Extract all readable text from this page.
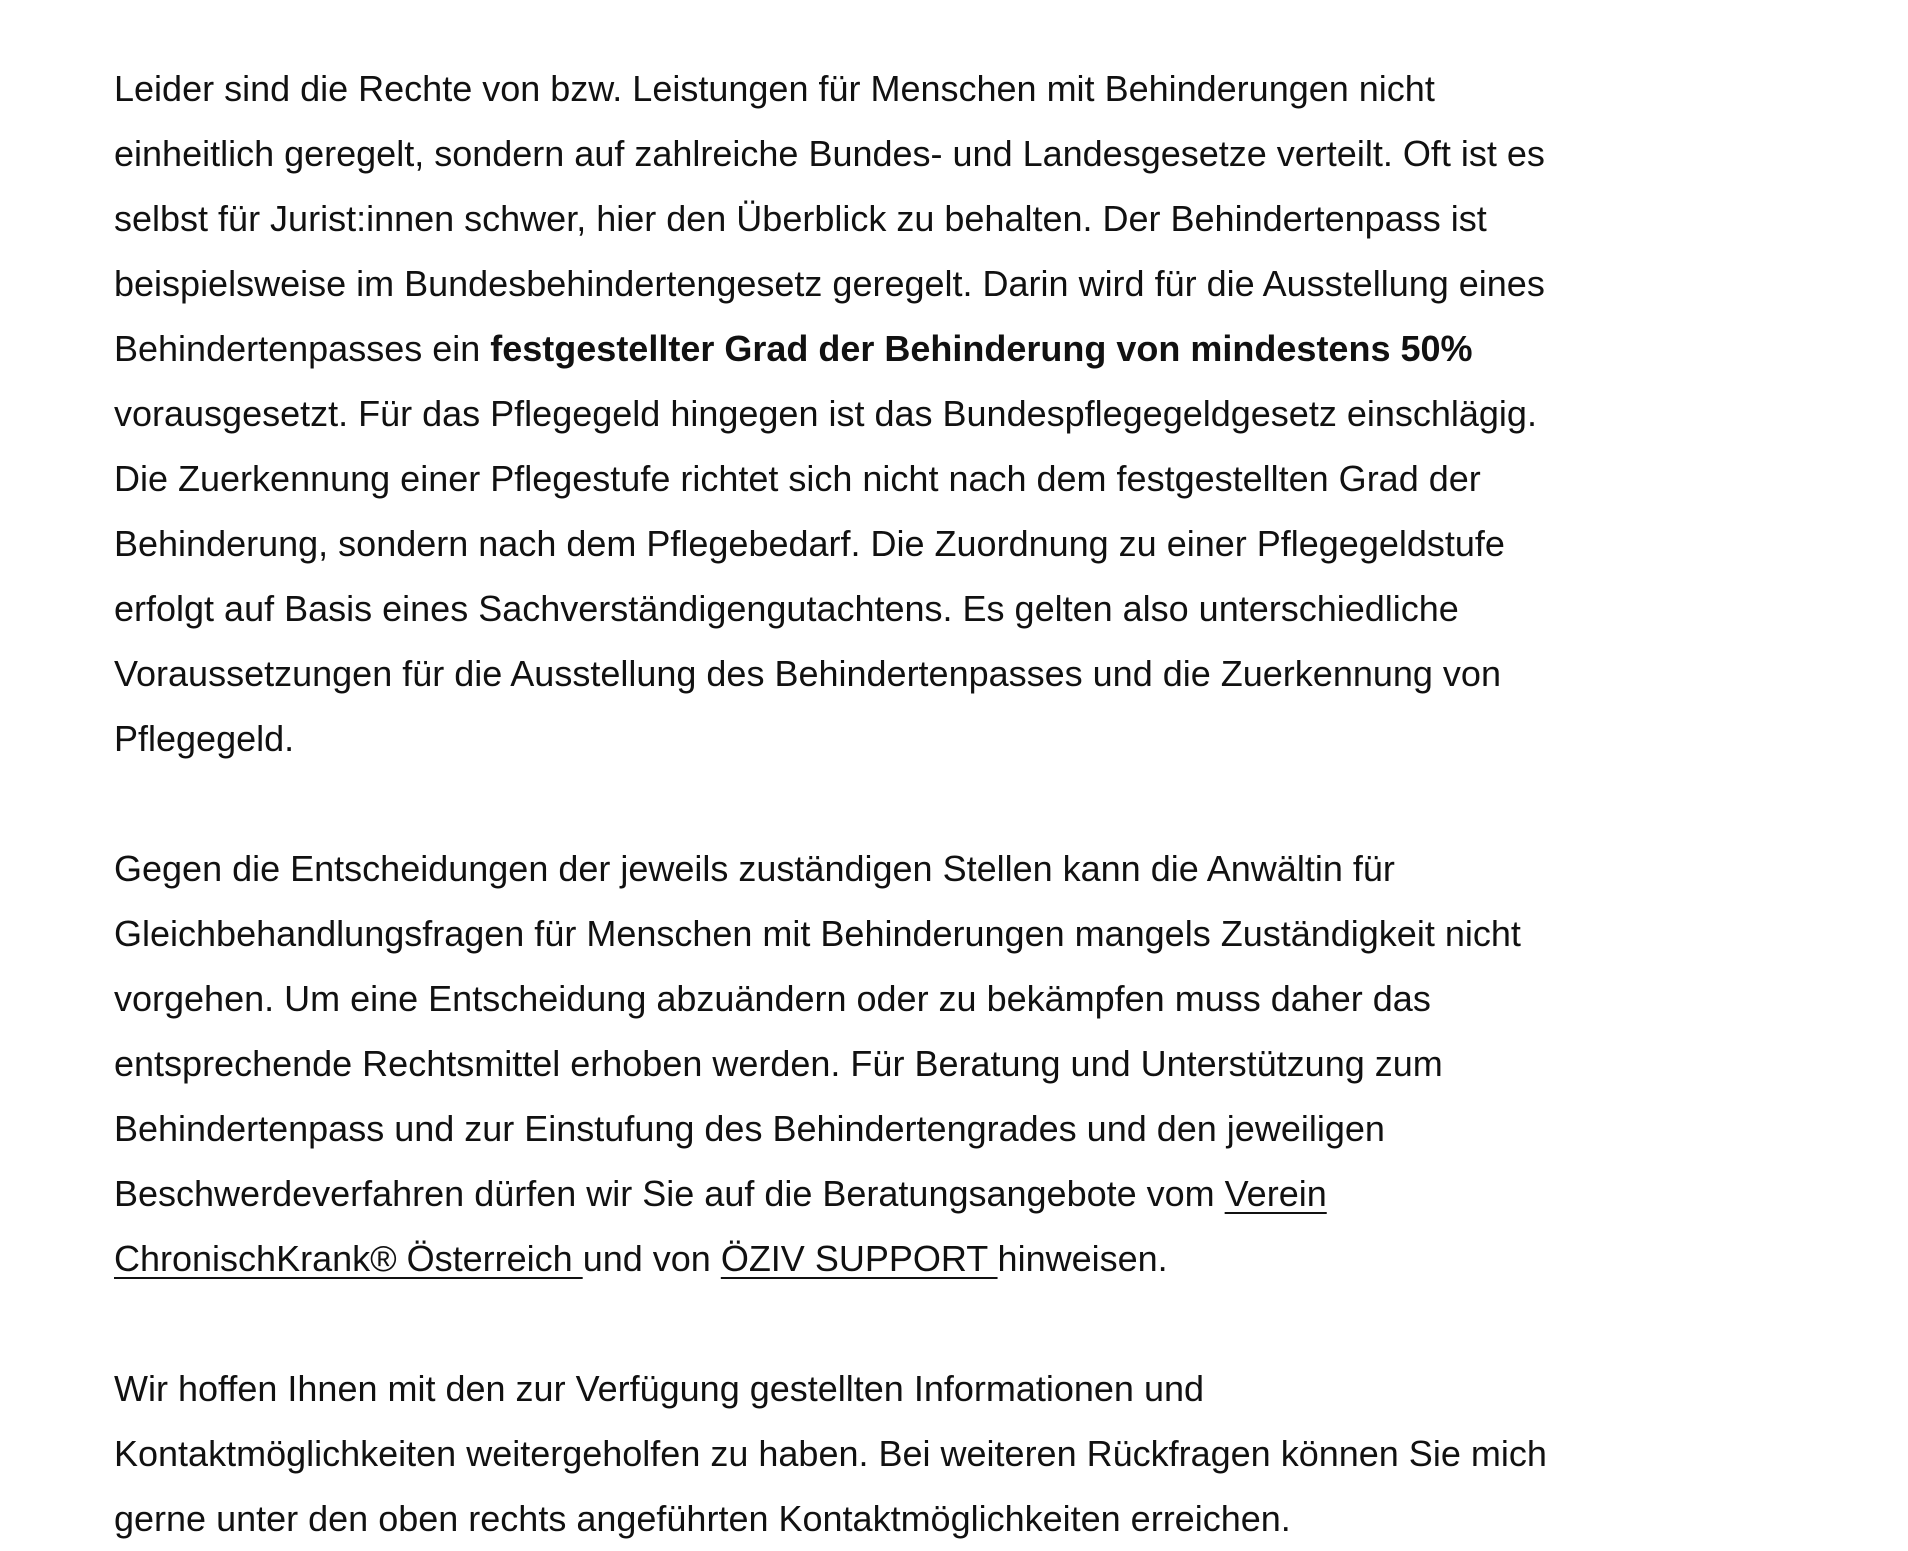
Leider sind die Rechte von bzw. Leistungen für Menschen mit Behinderungen nicht
einheitlich geregelt, sondern auf zahlreiche Bundes- und Landesgesetze verteilt. Oft ist es
selbst für Jurist:innen schwer, hier den Überblick zu behalten. Der Behindertenpass ist
beispielsweise im Bundesbehindertengesetz geregelt. Darin wird für die Ausstellung eines
Behindertenpasses ein festgestellter Grad der Behinderung von mindestens 50%
vorausgesetzt. Für das Pflegegeld hingegen ist das Bundespflegegeldgesetz einschlägig.
Die Zuerkennung einer Pflegestufe richtet sich nicht nach dem festgestellten Grad der
Behinderung, sondern nach dem Pflegebedarf. Die Zuordnung zu einer Pflegegeldstufe
erfolgt auf Basis eines Sachverständigengutachtens. Es gelten also unterschiedliche
Voraussetzungen für die Ausstellung des Behindertenpasses und die Zuerkennung von
Pflegegeld.

Gegen die Entscheidungen der jeweils zuständigen Stellen kann die Anwältin für
Gleichbehandlungsfragen für Menschen mit Behinderungen mangels Zuständigkeit nicht
vorgehen. Um eine Entscheidung abzuändern oder zu bekämpfen muss daher das
entsprechende Rechtsmittel erhoben werden. Für Beratung und Unterstützung zum
Behindertenpass und zur Einstufung des Behindertengrades und den jeweiligen
Beschwerdeverfahren dürfen wir Sie auf die Beratungsangebote vom Verein
ChronischKrank® Österreich und von ÖZIV SUPPORT hinweisen.

Wir hoffen Ihnen mit den zur Verfügung gestellten Informationen und
Kontaktmöglichkeiten weitergeholfen zu haben. Bei weiteren Rückfragen können Sie mich
gerne unter den oben rechts angeführten Kontaktmöglichkeiten erreichen.
